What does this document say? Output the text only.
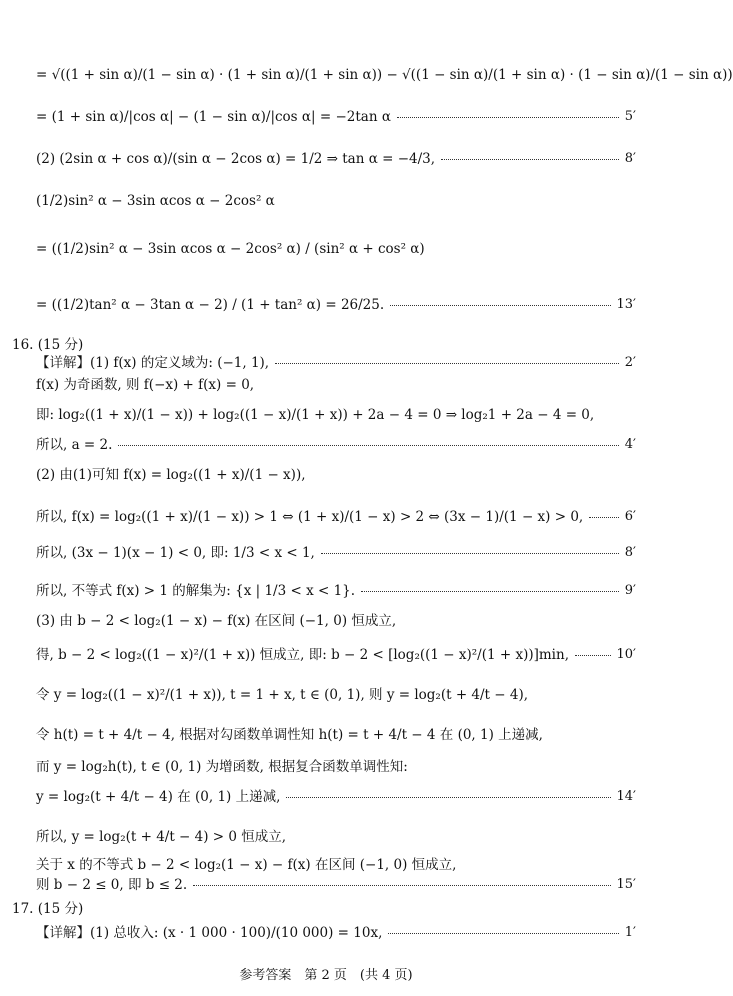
= √((1 + sin α)/(1 − sin α) · (1 + sin α)/(1 + sin α)) − √((1 − sin α)/(1 + sin α) · (1 − sin α)/(1 − sin α))
= (1 + sin α)/|cos α| − (1 − sin α)/|cos α| = −2tan α	5′
(2) (2sin α + cos α)/(sin α − 2cos α) = 1/2 ⇒ tan α = −4/3,	8′
(1/2)sin² α − 3sin αcos α − 2cos² α
= ((1/2)sin² α − 3sin αcos α − 2cos² α) / (sin² α + cos² α)
= ((1/2)tan² α − 3tan α − 2) / (1 + tan² α) = 26/25.	13′
16. (15 分)
【详解】(1) f(x) 的定义域为: (−1, 1),	2′
f(x) 为奇函数, 则 f(−x) + f(x) = 0,
即: log₂((1 + x)/(1 − x)) + log₂((1 − x)/(1 + x)) + 2a − 4 = 0 ⇒ log₂1 + 2a − 4 = 0,
所以, a = 2.	4′
(2) 由(1)可知 f(x) = log₂((1 + x)/(1 − x)),
所以, f(x) = log₂((1 + x)/(1 − x)) > 1 ⇔ (1 + x)/(1 − x) > 2 ⇔ (3x − 1)/(1 − x) > 0,	6′
所以, (3x − 1)(x − 1) < 0, 即: 1/3 < x < 1,	8′
所以, 不等式 f(x) > 1 的解集为: {x | 1/3 < x < 1}.	9′
(3) 由 b − 2 < log₂(1 − x) − f(x) 在区间 (−1, 0) 恒成立,
得, b − 2 < log₂((1 − x)²/(1 + x)) 恒成立, 即: b − 2 < [log₂((1 − x)²/(1 + x))]min,	10′
令 y = log₂((1 − x)²/(1 + x)), t = 1 + x, t ∈ (0, 1), 则 y = log₂(t + 4/t − 4),
令 h(t) = t + 4/t − 4, 根据对勾函数单调性知 h(t) = t + 4/t − 4 在 (0, 1) 上递减,
而 y = log₂h(t), t ∈ (0, 1) 为增函数, 根据复合函数单调性知:
y = log₂(t + 4/t − 4) 在 (0, 1) 上递减,	14′
所以, y = log₂(t + 4/t − 4) > 0 恒成立,
关于 x 的不等式 b − 2 < log₂(1 − x) − f(x) 在区间 (−1, 0) 恒成立,
则 b − 2 ≤ 0, 即 b ≤ 2.	15′
17. (15 分)
【详解】(1) 总收入: (x · 1 000 · 100)/(10 000) = 10x,	1′
参考答案　第 2 页　(共 4 页)
